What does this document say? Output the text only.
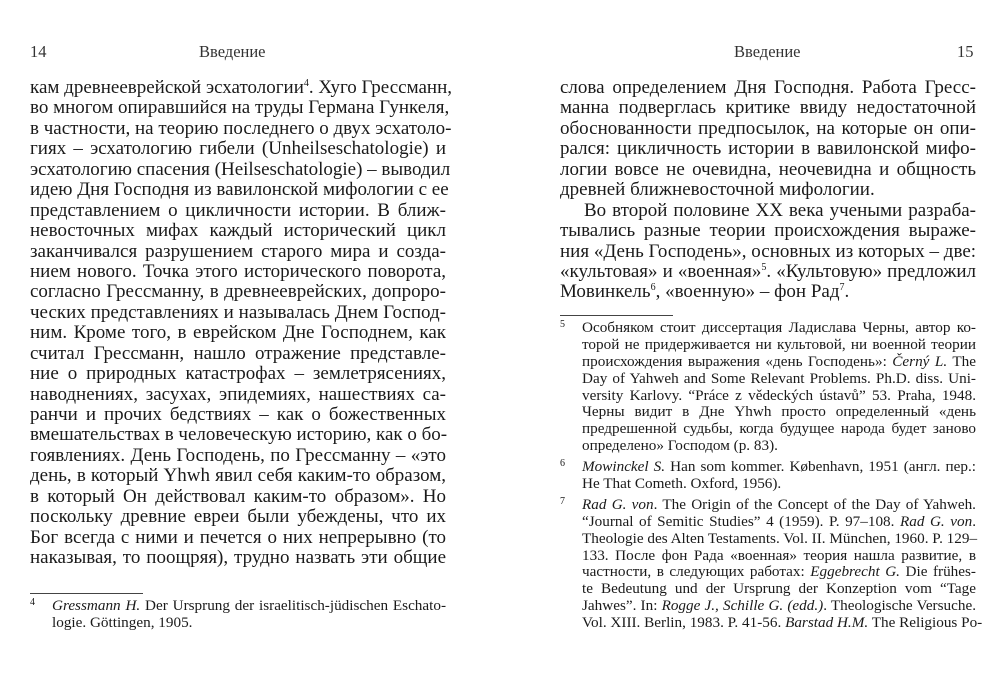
14	Введение
кам древнееврейской эсхатологии$^4$. Хуго Грессманн,
во многом опиравшийся на труды Германа Гункеля,
в частности, на теорию последнего о двух эсхатоло-
гиях – эсхатологию гибели (Unheilseschatologie) и
эсхатологию спасения (Heilseschatologie) – выводил
идею Дня Господня из вавилонской мифологии с ее
представлением о цикличности истории. В ближ-
невосточных мифах каждый исторический цикл
заканчивался разрушением старого мира и созда-
нием нового. Точка этого исторического поворота,
согласно Грессманну, в древнееврейских, допроро-
ческих представлениях и называлась Днем Господ-
ним. Кроме того, в еврейском Дне Господнем, как
считал Грессманн, нашло отражение представле-
ние о природных катастрофах – землетрясениях,
наводнениях, засухах, эпидемиях, нашествиях са-
ранчи и прочих бедствиях – как о божественных
вмешательствах в человеческую историю, как о бо-
гоявлениях. День Господень, по Грессманну – «это
день, в который Yhwh явил себя каким-то образом,
в который Он действовал каким-то образом». Но
поскольку древние евреи были убеждены, что их
Бог всегда с ними и печется о них непрерывно (то
наказывая, то поощряя), трудно назвать эти общие
4 Gressmann H. Der Ursprung der israelitisch-jüdischen Eschato-
logie. Göttingen, 1905.
Введение	15
слова определением Дня Господня. Работа Гресс-
манна подверглась критике ввиду недостаточной
обоснованности предпосылок, на которые он опи-
рался: цикличность истории в вавилонской мифо-
логии вовсе не очевидна, неочевидна и общность
древней ближневосточной мифологии.
Во второй половине XX века учеными разраба-
тывались разные теории происхождения выраже-
ния «День Господень», основных из которых – две:
«культовая» и «военная»$^5$. «Культовую» предложил
Мовинкель$^6$, «военную» – фон Рад$^7$.
5 Особняком стоит диссертация Ладислава Черны, автор ко-
торой не придерживается ни культовой, ни военной теории
происхождения выражения «день Господень»: Černý L. The
Day of Yahweh and Some Relevant Problems. Ph.D. diss. Uni-
versity Karlovy. “Práce z vědeckých ústavů” 53. Praha, 1948.
Черны видит в Дне Yhwh просто определенный «день
предрешенной судьбы, когда будущее народа будет заново
определено» Господом (p. 83).
6 Mowinckel S. Han som kommer. København, 1951 (англ. пер.:
He That Cometh. Oxford, 1956).
7 Rad G. von. The Origin of the Concept of the Day of Yahweh.
“Journal of Semitic Studies” 4 (1959). P. 97–108. Rad G. von.
Theologie des Alten Testaments. Vol. II. München, 1960. P. 129–
133. После фон Рада «военная» теория нашла развитие, в
частности, в следующих работах: Eggebrecht G. Die frühes-
te Bedeutung und der Ursprung der Konzeption vom “Tage
Jahwes”. In: Rogge J., Schille G. (edd.). Theologische Versuche.
Vol. XIII. Berlin, 1983. P. 41-56. Barstad H.M. The Religious Po-
